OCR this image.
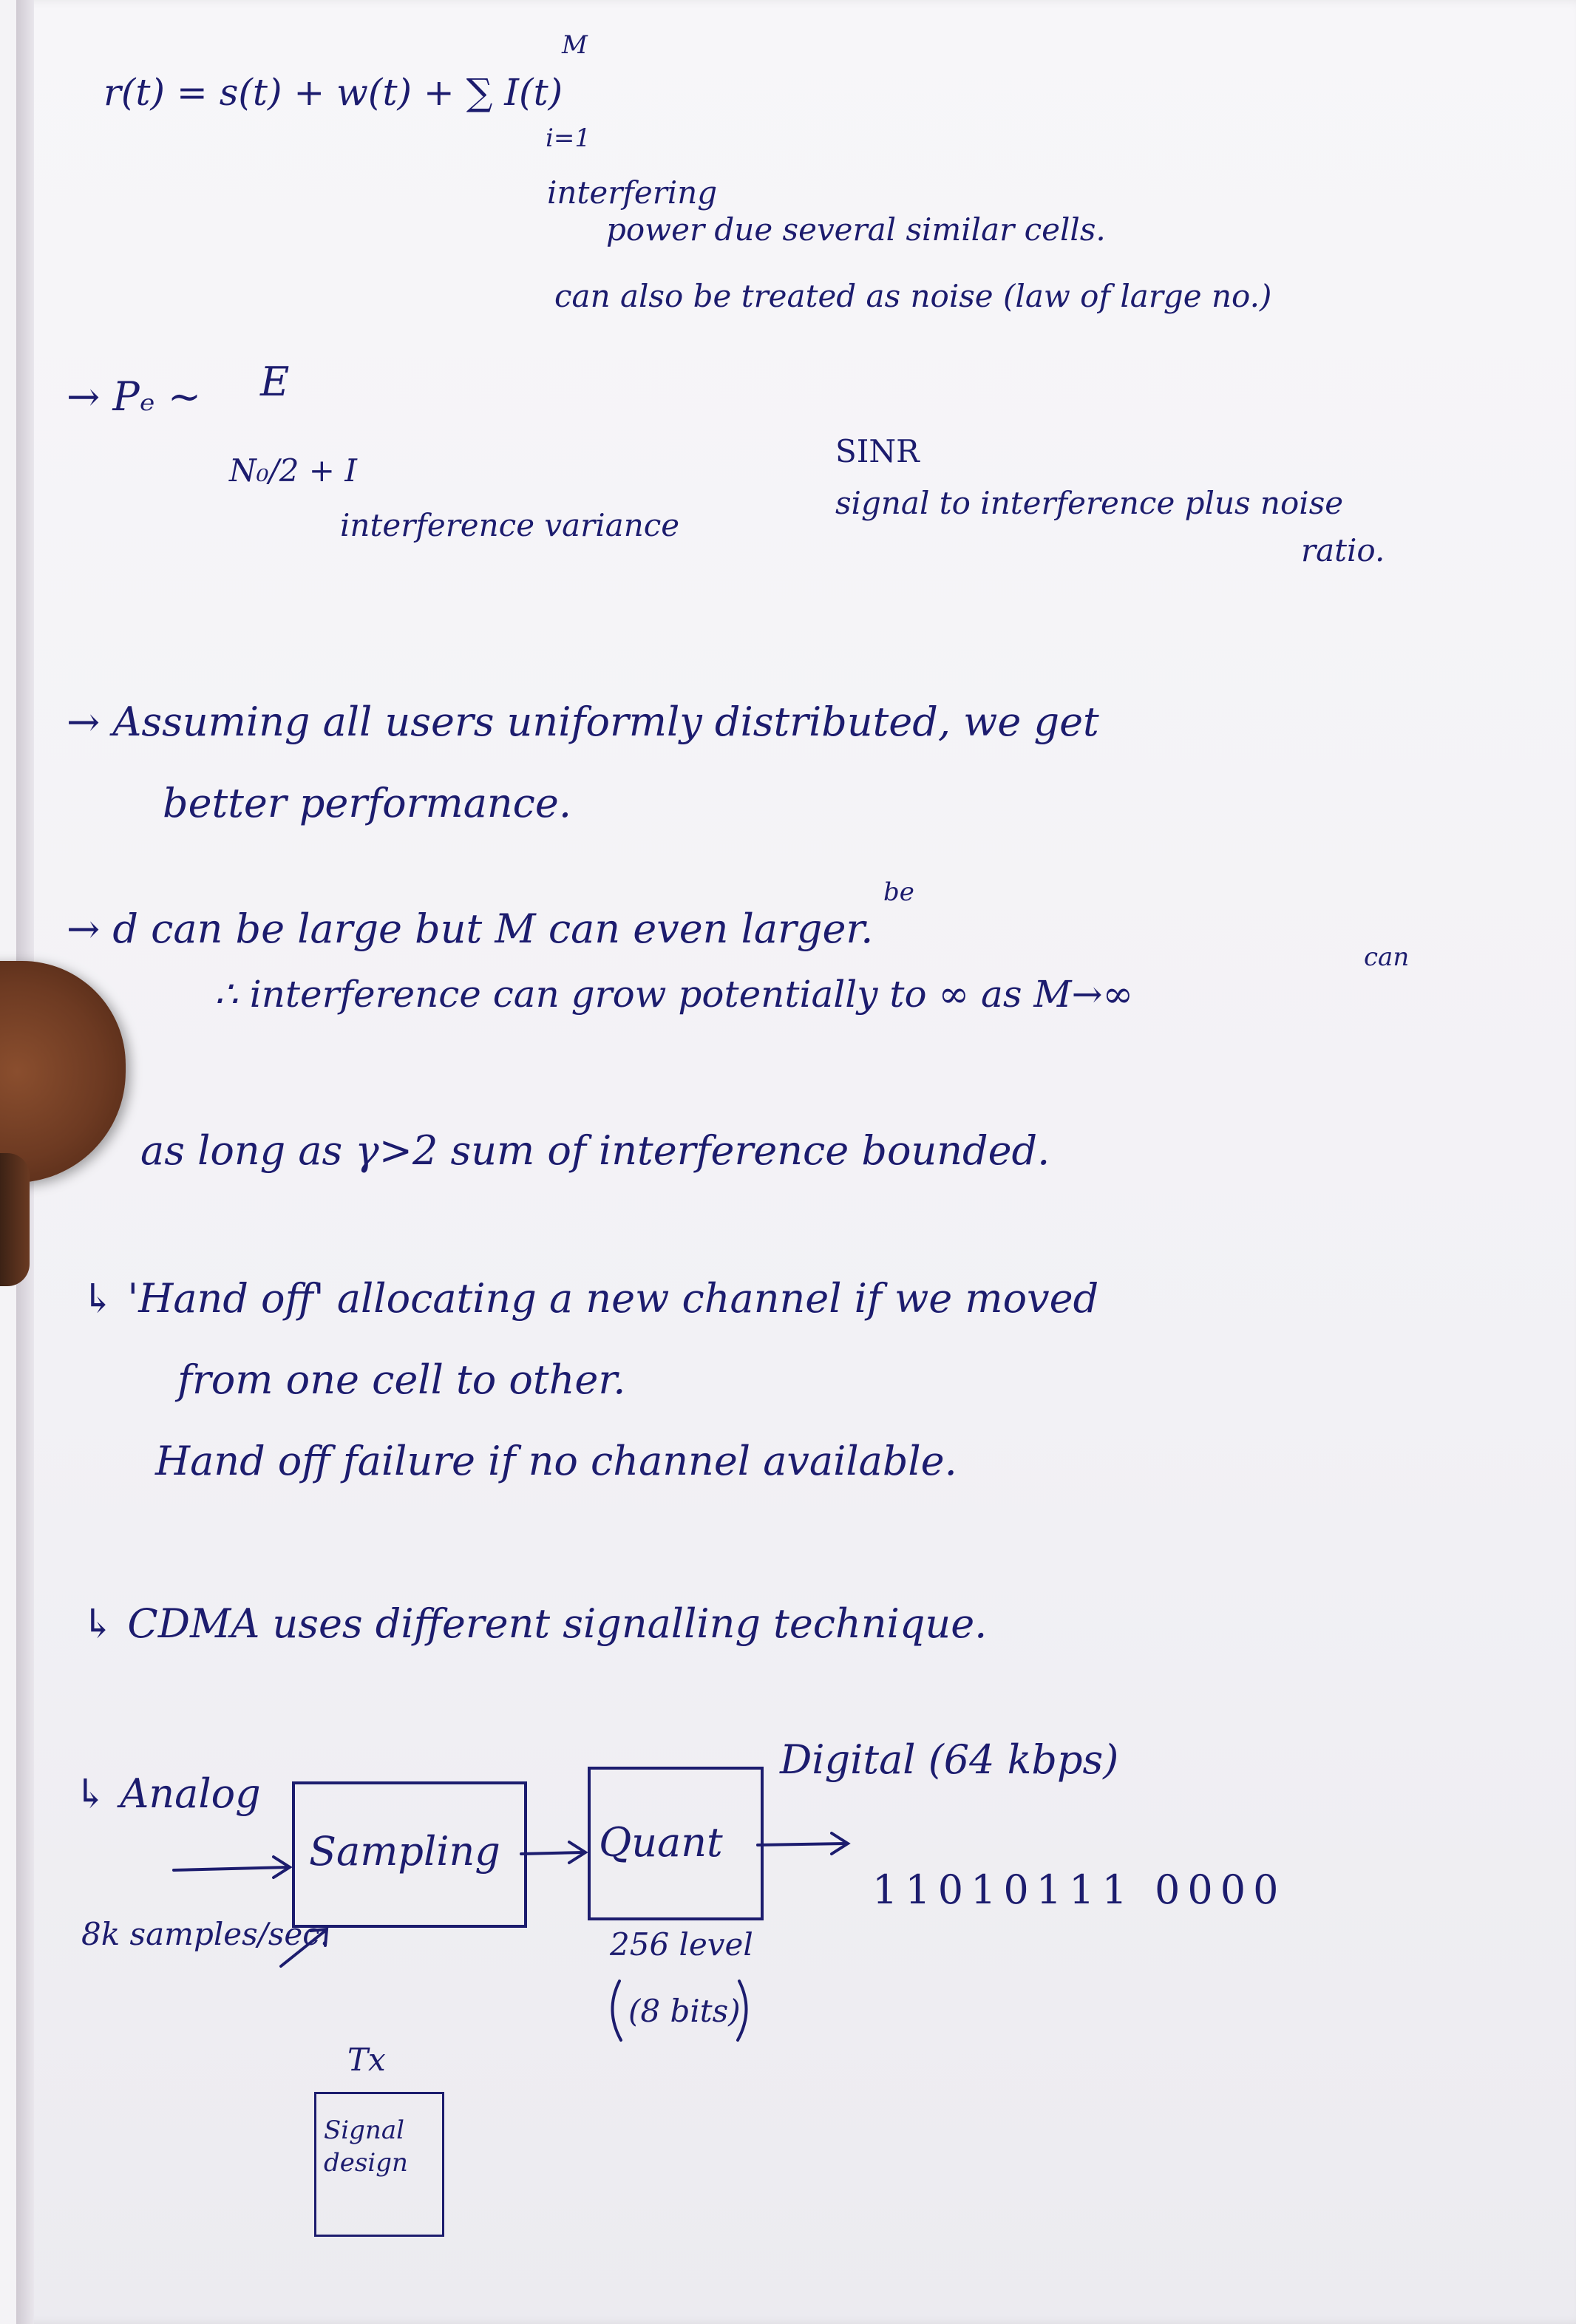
r(t) = s(t) + w(t) + ∑ I(t)
M
i=1
interfering
power due several similar cells.
can also be treated as noise (law of large no.)
→ Pₑ ∼ E
N₀/2 + I
interference variance
SINR
signal to interference plus noise
ratio.
→ Assuming all users uniformly distributed, we get
better performance.
be
→ d can be large but M can even larger.
can
∴ interference can grow potentially to ∞ as M→∞
as long as γ>2 sum of interference bounded.
↳ 'Hand off' allocating a new channel if we moved
from one cell to other.
Hand off failure if no channel available.
↳ CDMA uses different signalling technique.
↳ Analog
Sampling Quant
Digital (64 kbps)
11010111 0000
8k samples/sec.	256 level
(8 bits)
Tx
Signal design
